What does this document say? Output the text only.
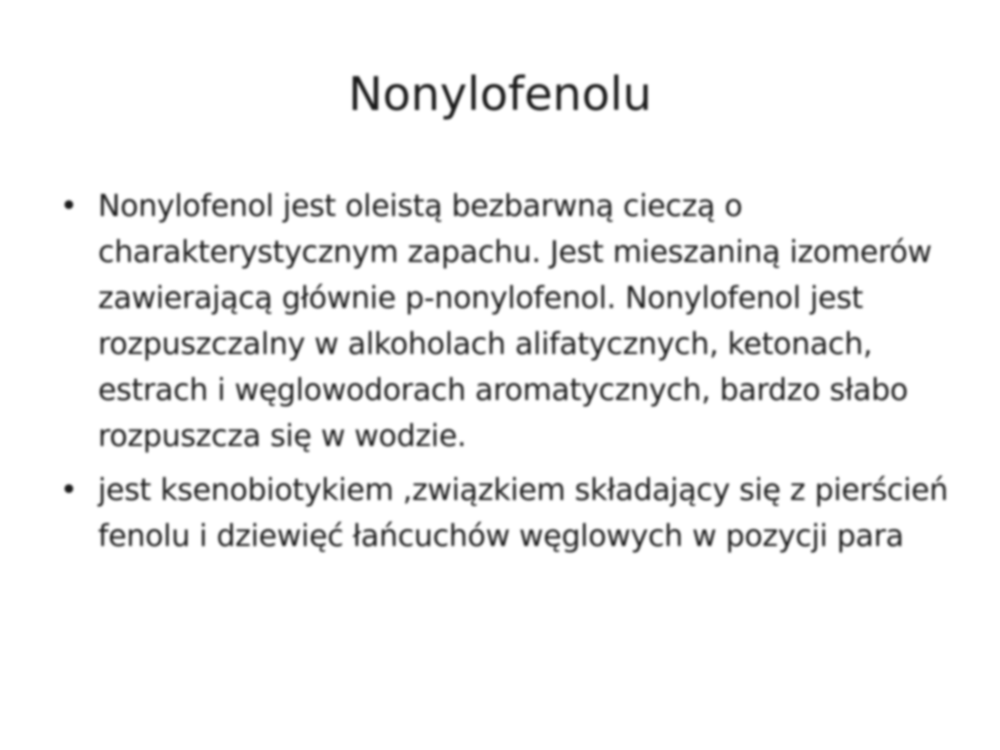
Nonylofenolu
• Nonylofenol jest oleistą bezbarwną cieczą o charakterystycznym zapachu. Jest mieszaniną izomerów zawierającą głównie p-nonylofenol. Nonylofenol jest rozpuszczalny w alkoholach alifatycznych, ketonach, estrach i węglowodorach aromatycznych, bardzo słabo rozpuszcza się w wodzie.
• jest ksenobiotykiem ,związkiem składający się z pierścień fenolu i dziewięć łańcuchów węglowych w pozycji para
